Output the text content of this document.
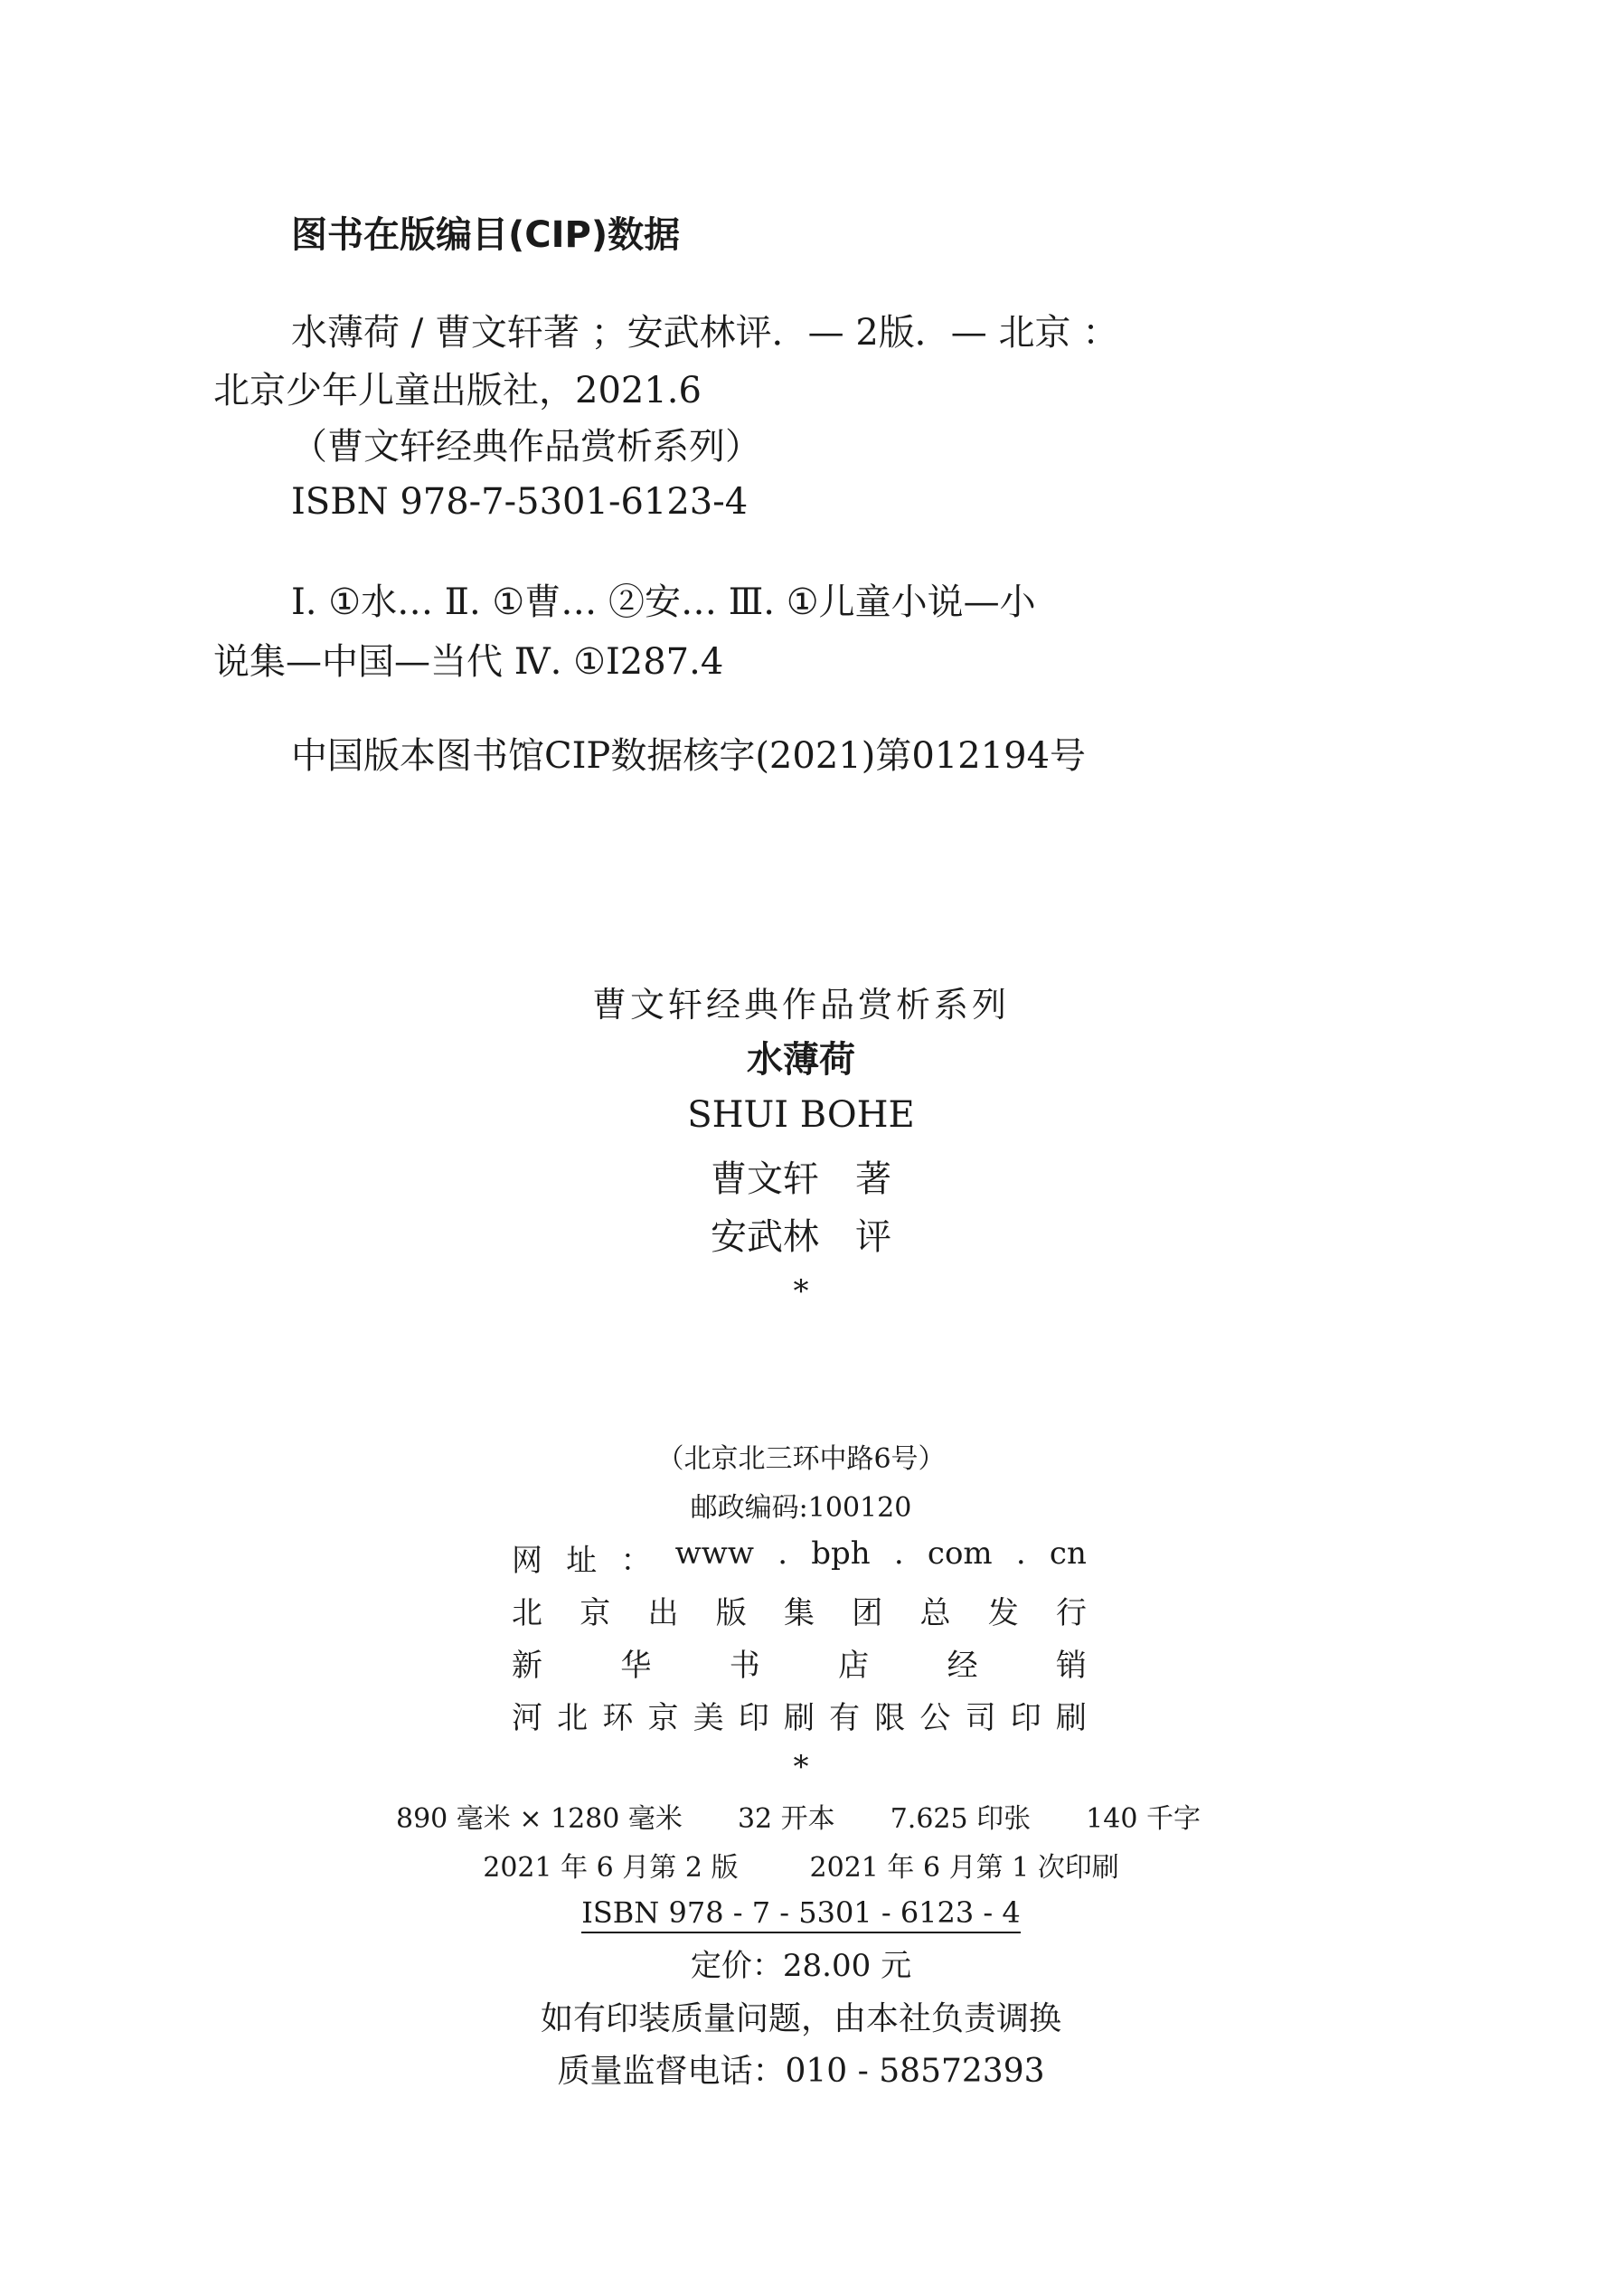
图书在版编目(CIP)数据
水薄荷 / 曹文轩著 ；安武林评．— 2版．— 北京 ：
北京少年儿童出版社，2021.6
（曹文轩经典作品赏析系列）
ISBN 978-7-5301-6123-4
Ⅰ. ①水… Ⅱ. ①曹… ②安… Ⅲ. ①儿童小说—小
说集—中国—当代 Ⅳ. ①I287.4
中国版本图书馆CIP数据核字(2021)第012194号
曹文轩经典作品赏析系列
水薄荷
SHUI BOHE
曹文轩　著
安武林　评
*
（北京北三环中路6号）
邮政编码:100120
网 址 ： www . bph . com . cn
北 京 出 版 集 团 总 发 行
新	华	书	店	经	销
河 北 环 京 美 印 刷 有 限 公 司 印 刷
*
890 毫米 × 1280 毫米 32 开本 7.625 印张 140 千字
2021 年 6 月第 2 版	2021 年 6 月第 1 次印刷
ISBN 978 - 7 - 5301 - 6123 - 4
定价：28.00 元
如有印装质量问题，由本社负责调换
质量监督电话：010 - 58572393
